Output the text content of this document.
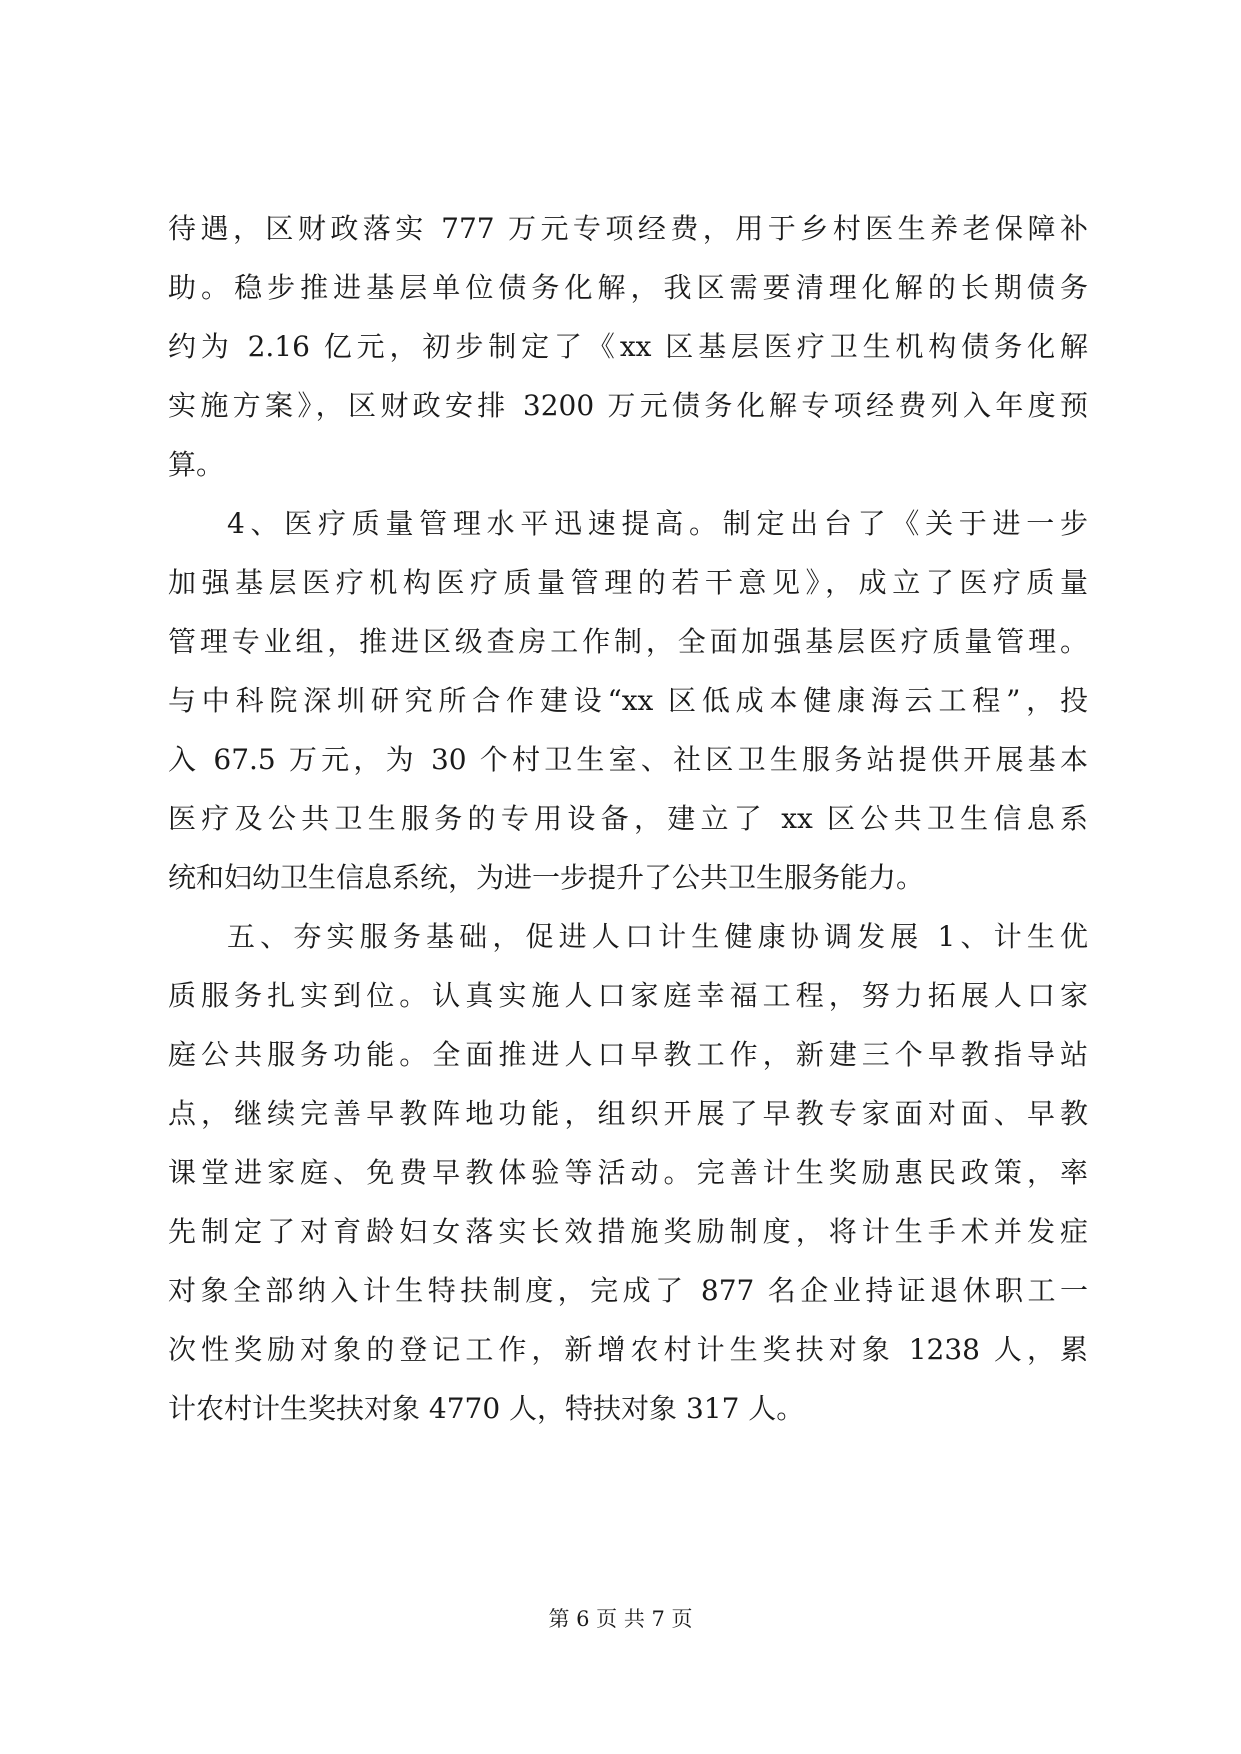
待遇，区财政落实 777 万元专项经费，用于乡村医生养老保障补
助。稳步推进基层单位债务化解，我区需要清理化解的长期债务
约为 2.16 亿元，初步制定了《xx 区基层医疗卫生机构债务化解
实施方案》，区财政安排 3200 万元债务化解专项经费列入年度预
算。
4、医疗质量管理水平迅速提高。制定出台了《关于进一步
加强基层医疗机构医疗质量管理的若干意见》，成立了医疗质量
管理专业组，推进区级查房工作制，全面加强基层医疗质量管理。
与中科院深圳研究所合作建设“xx 区低成本健康海云工程”，投
入 67.5 万元，为 30 个村卫生室、社区卫生服务站提供开展基本
医疗及公共卫生服务的专用设备，建立了 xx 区公共卫生信息系
统和妇幼卫生信息系统，为进一步提升了公共卫生服务能力。
五、夯实服务基础，促进人口计生健康协调发展 1、计生优
质服务扎实到位。认真实施人口家庭幸福工程，努力拓展人口家
庭公共服务功能。全面推进人口早教工作，新建三个早教指导站
点，继续完善早教阵地功能，组织开展了早教专家面对面、早教
课堂进家庭、免费早教体验等活动。完善计生奖励惠民政策，率
先制定了对育龄妇女落实长效措施奖励制度，将计生手术并发症
对象全部纳入计生特扶制度，完成了 877 名企业持证退休职工一
次性奖励对象的登记工作，新增农村计生奖扶对象 1238 人，累
计农村计生奖扶对象 4770 人，特扶对象 317 人。
第 6 页 共 7 页
